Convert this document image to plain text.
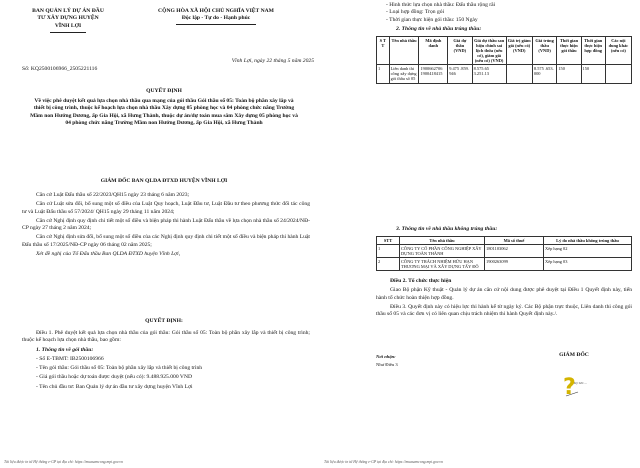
BAN QUẢN LÝ DỰ ÁN ĐẦU
TƯ XÂY DỰNG HUYỆN
VĨNH LỢI
CỘNG HÒA XÃ HỘI CHỦ NGHĨA VIỆT NAM
Độc lập - Tự do - Hạnh phúc
Số: KQ2500106966_2505221116
Vĩnh Lợi, ngày 22 tháng 5 năm 2025
QUYẾT ĐỊNH
Về việc phê duyệt kết quả lựa chọn nhà thầu qua mạng của gói thầu Gói thầu số 05: Toàn bộ phần xây lắp và thiết bị công trình, thuộc kế hoạch lựa chọn nhà thầu Xây dựng 05 phòng học và 04 phòng chức năng Trường Mầm non Hướng Dương, ấp Gia Hội, xã Hưng Thành, thuộc dự án/dự toán mua sắm Xây dựng 05 phòng học và 04 phòng chức năng Trường Mầm non Hướng Dương, ấp Gia Hội, xã Hưng Thành
GIÁM ĐỐC BAN QLDA ĐTXD HUYỆN VĨNH LỢI
Căn cứ Luật Đấu thầu số 22/2023/QH15 ngày 23 tháng 6 năm 2023;
Căn cứ Luật sửa đổi, bổ sung một số điều của Luật Quy hoạch, Luật Đầu tư, Luật Đầu tư theo phương thức đối tác công tư và Luật Đấu thầu số 57/2024/ QH15 ngày 29 tháng 11 năm 2024;
Căn cứ Nghị định quy định chi tiết một số điều và biện pháp thi hành Luật Đấu thầu về lựa chọn nhà thầu số 24/2024/NĐ-CP ngày 27 tháng 2 năm 2024;
Căn cứ Nghị định sửa đổi, bổ sung một số điều của các Nghị định quy định chi tiết một số điều và biện pháp thi hành Luật Đấu thầu số 17/2025/NĐ-CP ngày 06 tháng 02 năm 2025;
Xét đề nghị của Tổ Đấu thầu Ban QLDA ĐTXD huyện Vĩnh Lợi,
QUYẾT ĐỊNH:
Điều 1. Phê duyệt kết quả lựa chọn nhà thầu của gói thầu: Gói thầu số 05: Toàn bộ phần xây lắp và thiết bị công trình; thuộc kế hoạch lựa chọn nhà thầu, bao gồm:
1. Thông tin về gói thầu:
- Số E-TBMT: IB2500106966
- Tên gói thầu: Gói thầu số 05: Toàn bộ phần xây lắp và thiết bị công trình
- Giá gói thầu hoặc dự toán được duyệt (nếu có): 9.488.925.000 VND
- Tên chủ đầu tư: Ban Quản lý dự án đầu tư xây dựng huyện Vĩnh Lợi
Tài liệu được in từ Hệ thống e-GP tại địa chỉ: https://muasamcong.mpi.gov.vn
- Hình thức lựa chọn nhà thầu: Đấu thầu rộng rãi
- Loại hợp đồng: Trọn gói
- Thời gian thực hiện gói thầu: 150 Ngày
2. Thông tin về nhà thầu trúng thầu:
S T T	Tên nhà thầu	Mã định danh	Giá dự thầu (VND)	Giá dự thầu sau hiệu chỉnh sai lệch thừa (nếu có), giảm giá (nếu có) (VND)	Giá trị giảm giá (nếu có) (VND)	Giá trúng thầu (VND)	Thời gian thực hiện gói thầu	Thời gian thực hiện hợp đồng	Các nội dung khác (nếu có)
1	Liên danh thi công xây dựng gói thầu số 05	1900662706 1900418415	9.475 .859. 946	8.575.65 3.251.13		8.575 .653. 000	150	150	
3. Thông tin về nhà thầu không trúng thầu:
STT	Tên nhà thầu	Mã số thuế	Lý do nhà thầu không trúng thầu
1	CÔNG TY CỔ PHẦN CÔNG NGHIỆP XÂY DỰNG TOÀN THÀNH	1801103062	Xếp hạng 02
2	CÔNG TY TRÁCH NHIỆM HỮU HẠN THƯƠNG MẠI VÀ XÂY DỰNG TẤY ĐÔ	1900263099	Xếp hạng 03
Điều 2. Tổ chức thực hiện
Giao Bộ phận Kỹ thuật - Quản lý dự án căn cứ nội dung được phê duyệt tại Điều 1 Quyết định này, tiến hành tổ chức hoàn thiện hợp đồng.
Điều 3. Quyết định này có hiệu lực thi hành kể từ ngày ký. Các Bộ phận trực thuộc, Liên danh thi công gói thầu số 05 và các đơn vị có liên quan chịu trách nhiệm thi hành Quyết định này./.
Nơi nhận:
Như Điều 3
GIÁM ĐỐC
?
Ký bởi: ...
Tài liệu được in từ Hệ thống e-GP tại địa chỉ: https://muasamcong.mpi.gov.vn
